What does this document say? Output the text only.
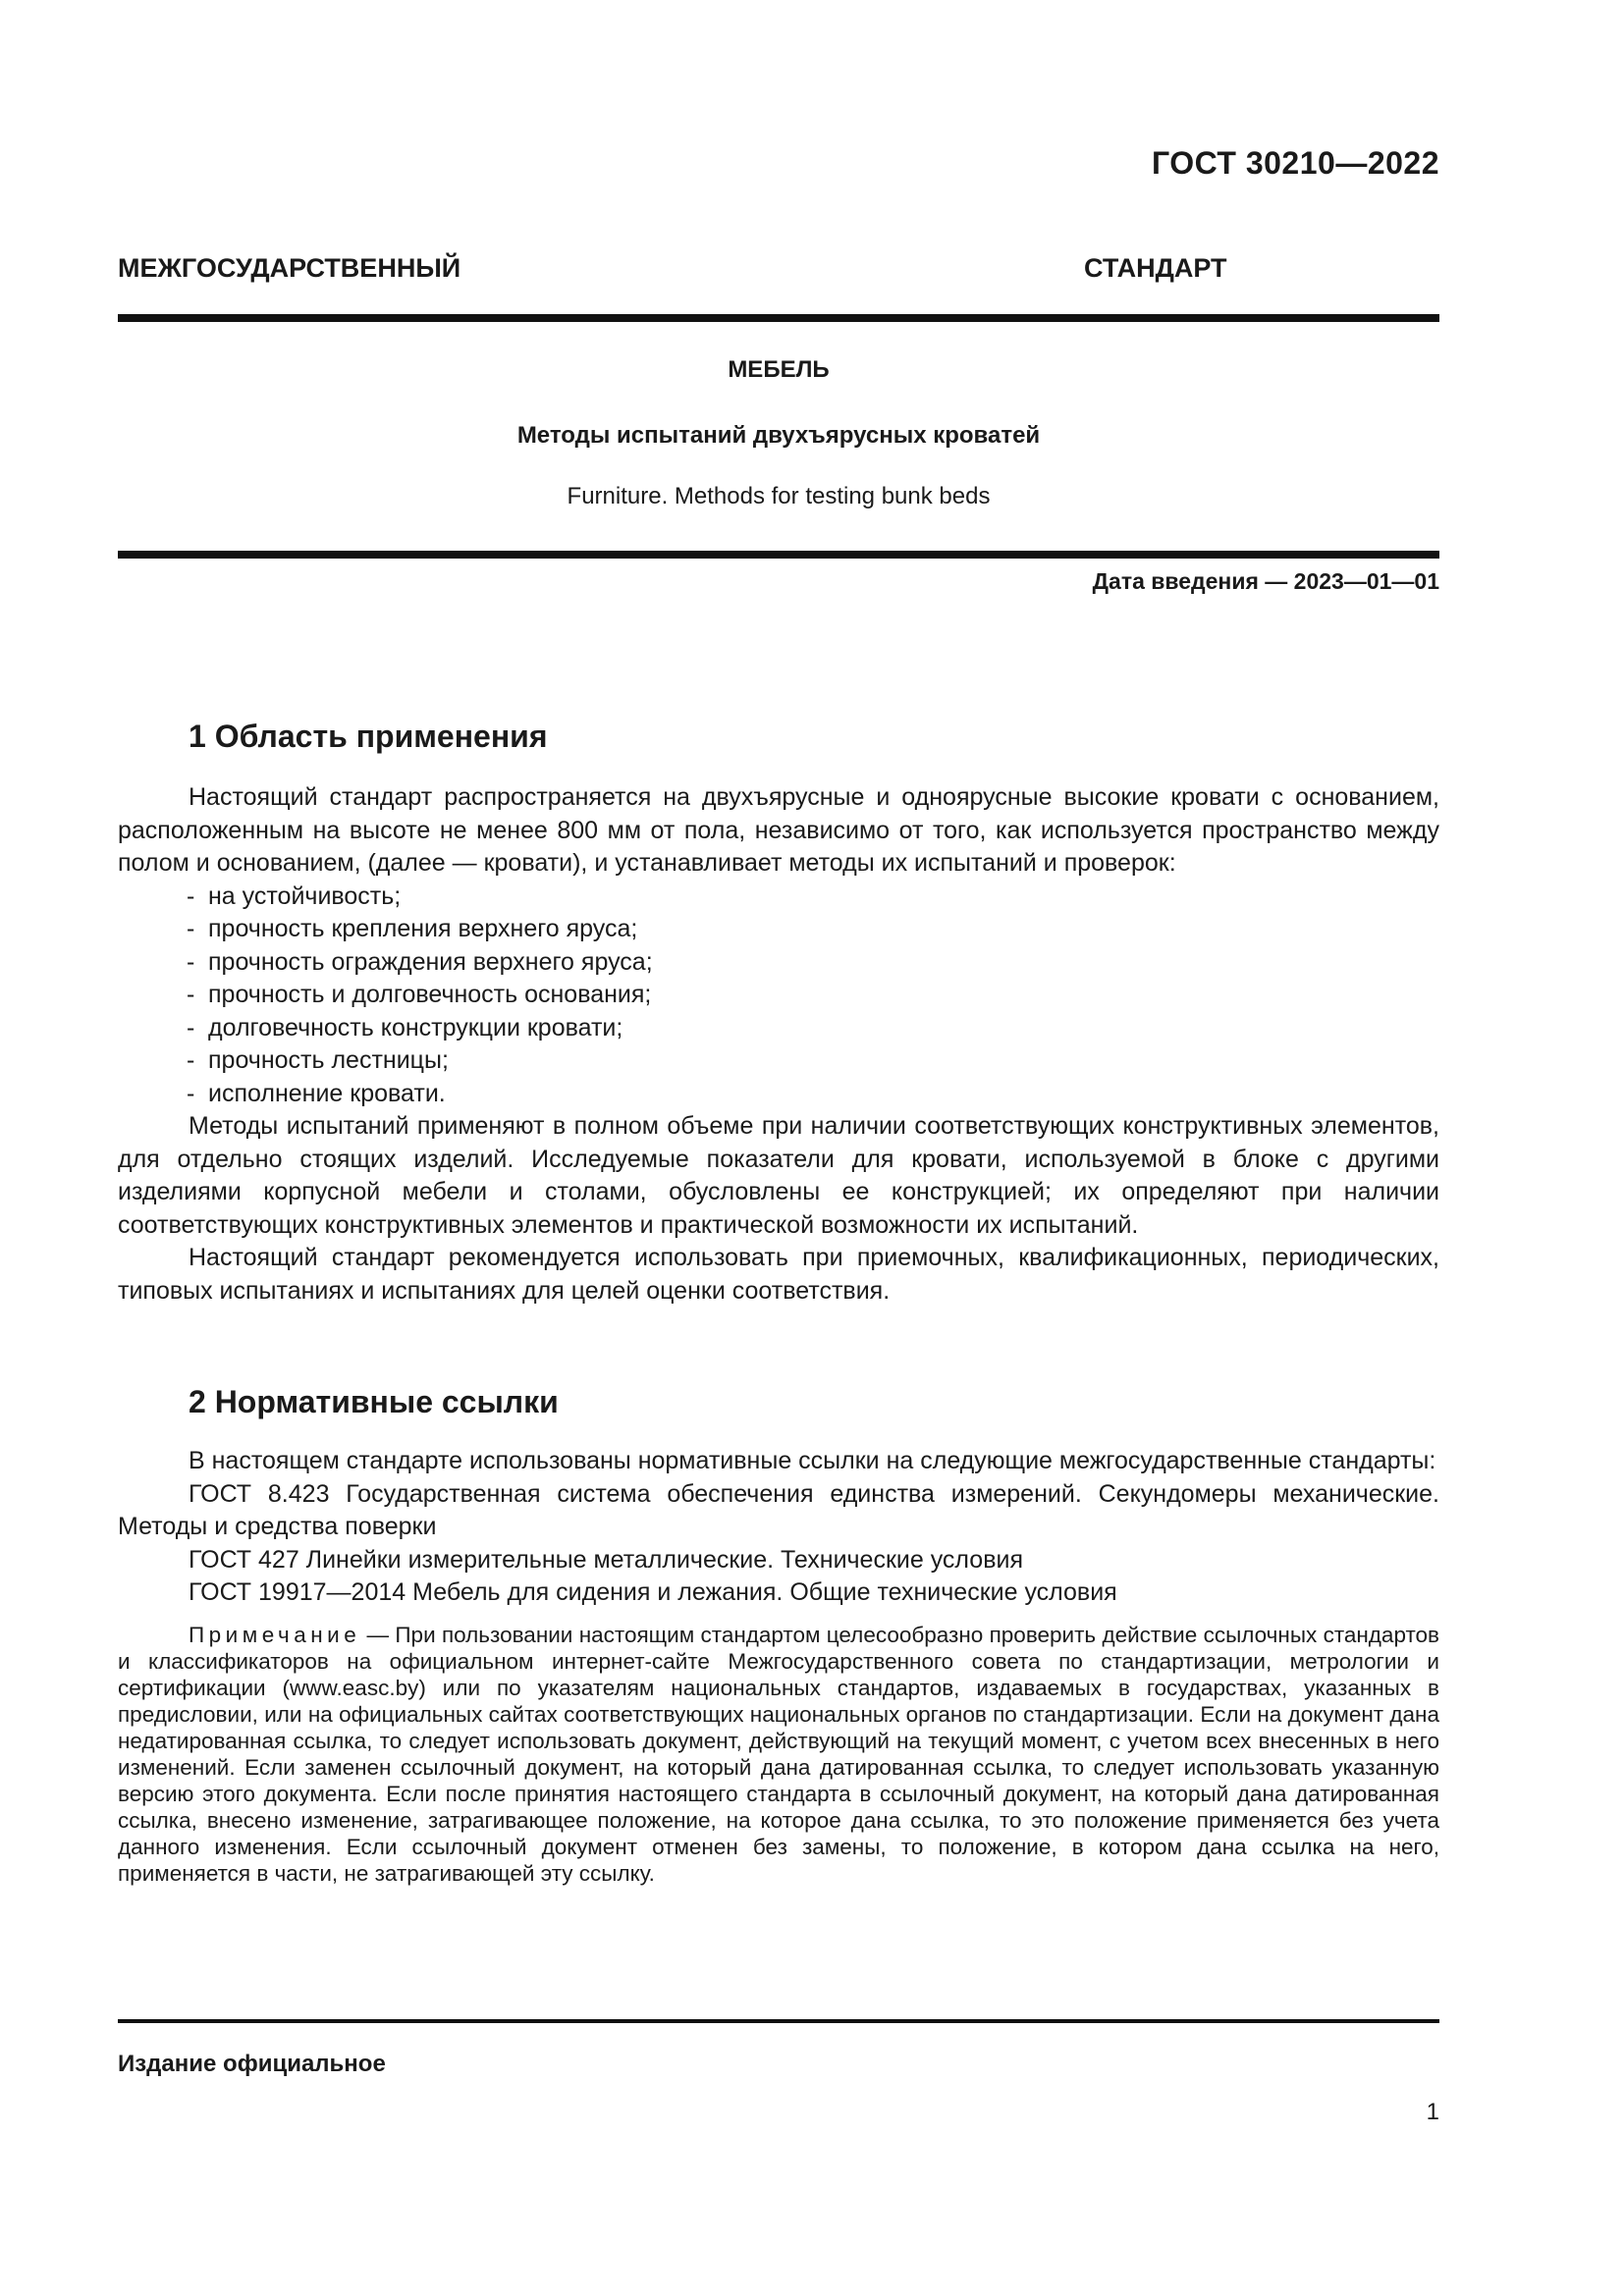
ГОСТ 30210—2022
МЕЖГОСУДАРСТВЕННЫЙ	СТАНДАРТ
МЕБЕЛЬ
Методы испытаний двухъярусных кроватей
Furniture. Methods for testing bunk beds
Дата введения — 2023—01—01
1 Область применения

Настоящий стандарт распространяется на двухъярусные и одноярусные высокие кровати с основанием, расположенным на высоте не менее 800 мм от пола, независимо от того, как используется пространство между полом и основанием, (далее — кровати), и устанавливает методы их испытаний и проверок:

- на устойчивость;
- прочность крепления верхнего яруса;
- прочность ограждения верхнего яруса;
- прочность и долговечность основания;
- долговечность конструкции кровати;
- прочность лестницы;
- исполнение кровати.

Методы испытаний применяют в полном объеме при наличии соответствующих конструктивных элементов, для отдельно стоящих изделий. Исследуемые показатели для кровати, используемой в блоке с другими изделиями корпусной мебели и столами, обусловлены ее конструкцией; их определяют при наличии соответствующих конструктивных элементов и практической возможности их испытаний.

Настоящий стандарт рекомендуется использовать при приемочных, квалификационных, периодических, типовых испытаниях и испытаниях для целей оценки соответствия.

2 Нормативные ссылки

В настоящем стандарте использованы нормативные ссылки на следующие межгосударственные стандарты:

ГОСТ 8.423 Государственная система обеспечения единства измерений. Секундомеры механические. Методы и средства поверки

ГОСТ 427 Линейки измерительные металлические. Технические условия

ГОСТ 19917—2014 Мебель для сидения и лежания. Общие технические условия

Примечание — При пользовании настоящим стандартом целесообразно проверить действие ссылочных стандартов и классификаторов на официальном интернет-сайте Межгосударственного совета по стандартизации, метрологии и сертификации (www.easc.by) или по указателям национальных стандартов, издаваемых в государствах, указанных в предисловии, или на официальных сайтах соответствующих национальных органов по стандартизации. Если на документ дана недатированная ссылка, то следует использовать документ, действующий на текущий момент, с учетом всех внесенных в него изменений. Если заменен ссылочный документ, на который дана датированная ссылка, то следует использовать указанную версию этого документа. Если после принятия настоящего стандарта в ссылочный документ, на который дана датированная ссылка, внесено изменение, затрагивающее положение, на которое дана ссылка, то это положение применяется без учета данного изменения. Если ссылочный документ отменен без замены, то положение, в котором дана ссылка на него, применяется в части, не затрагивающей эту ссылку.

Издание официальное
1
